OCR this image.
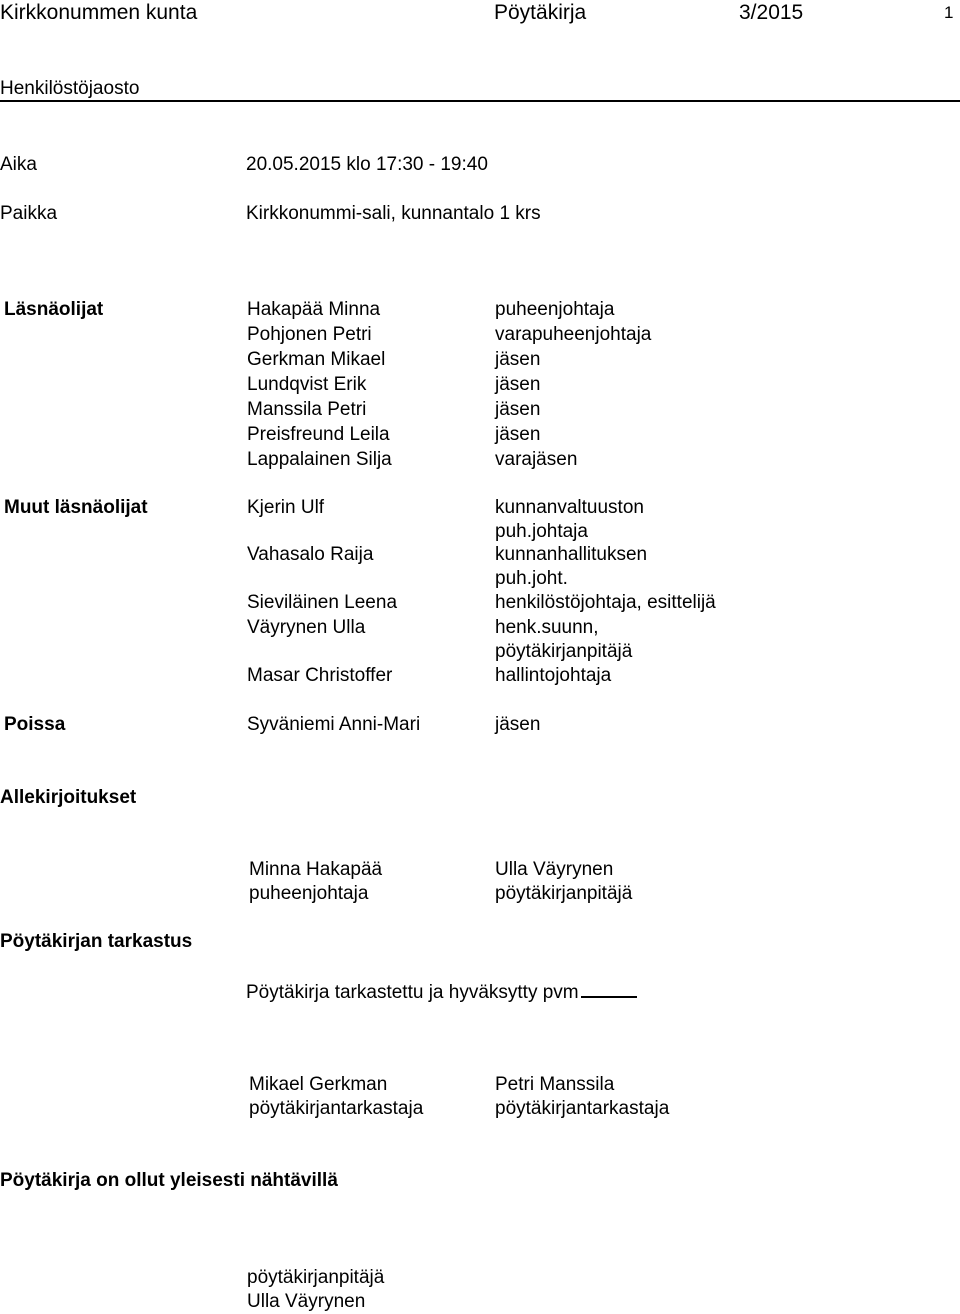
Kirkkonummen kunta	Pöytäkirja	3/2015	1
Henkilöstöjaosto
Aika	20.05.2015 klo 17:30 - 19:40
Paikka	Kirkkonummi-sali, kunnantalo 1 krs
Läsnäolijat	Hakapää Minna	puheenjohtaja
Pohjonen Petri	varapuheenjohtaja
Gerkman Mikael	jäsen
Lundqvist Erik	jäsen
Manssila Petri	jäsen
Preisfreund Leila	jäsen
Lappalainen Silja	varajäsen
Muut läsnäolijat	Kjerin Ulf	kunnanvaltuuston
puh.johtaja
Vahasalo Raija	kunnanhallituksen
puh.joht.
Sieviläinen Leena	henkilöstöjohtaja, esittelijä
Väyrynen Ulla	henk.suunn,
pöytäkirjanpitäjä
Masar Christoffer	hallintojohtaja
Poissa	Syväniemi Anni-Mari	jäsen
Allekirjoitukset
Minna Hakapää
puheenjohtaja
Ulla Väyrynen
pöytäkirjanpitäjä
Pöytäkirjan tarkastus
Pöytäkirja tarkastettu ja hyväksytty pvm
Mikael Gerkman
pöytäkirjantarkastaja
Petri Manssila
pöytäkirjantarkastaja
Pöytäkirja on ollut yleisesti nähtävillä
pöytäkirjanpitäjä
Ulla Väyrynen
